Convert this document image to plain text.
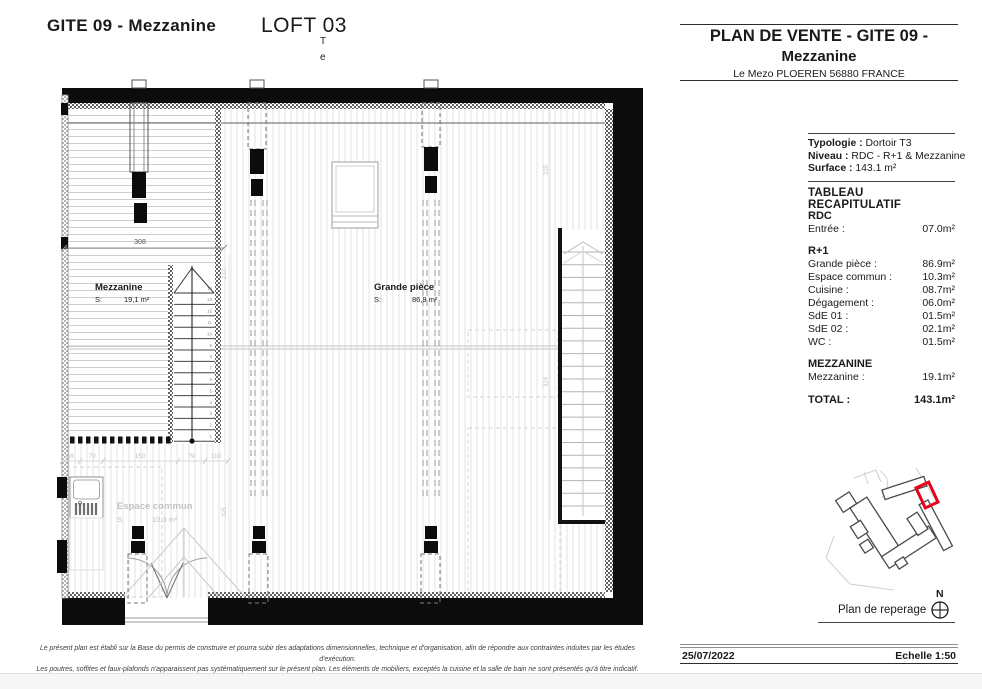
GITE 09 - Mezzanine LOFT 03
T
e
1
2
3
4
5
6
7
8
9
10
11
12
13
14
308
48 70	150	79 110
233
325
235
324
Mezzanine
S:	19,1 m²
Grande pièce
S:	86,9 m²
Espace commun
S:	10,3 m²
Le présent plan est établi sur la Base du permis de construire et pourra subir des adaptations dimensionnelles, technique et d'organisation, afin de répondre aux contraintes induites par les études d'exécution.
Les poutres, soffites et faux-plafonds n'apparaissent pas systématiquement sur le présent plan. Les éléments de mobiliers, exceptés la cuisine et la salle de bain ne sont présentés qu'à titre indicatif.
PLAN DE VENTE - GITE 09 -
Mezzanine
Le Mezo PLOEREN 56880 FRANCE
Typologie : Dortoir T3
Niveau : RDC - R+1 & Mezzanine
Surface : 143.1 m²
TABLEAU RECAPITULATIF
RDC
Entrée :	07.0m²
R+1
Grande pièce :	86.9m²
Espace commun :	10.3m²
Cuisine :	08.7m²
Dégagement :	06.0m²
SdE 01 :	01.5m²
SdE 02 :	02.1m²
WC :	01.5m²
MEZZANINE
Mezzanine :	19.1m²
TOTAL :	143.1m²
Plan de reperage
N
25/07/2022	Echelle 1:50
